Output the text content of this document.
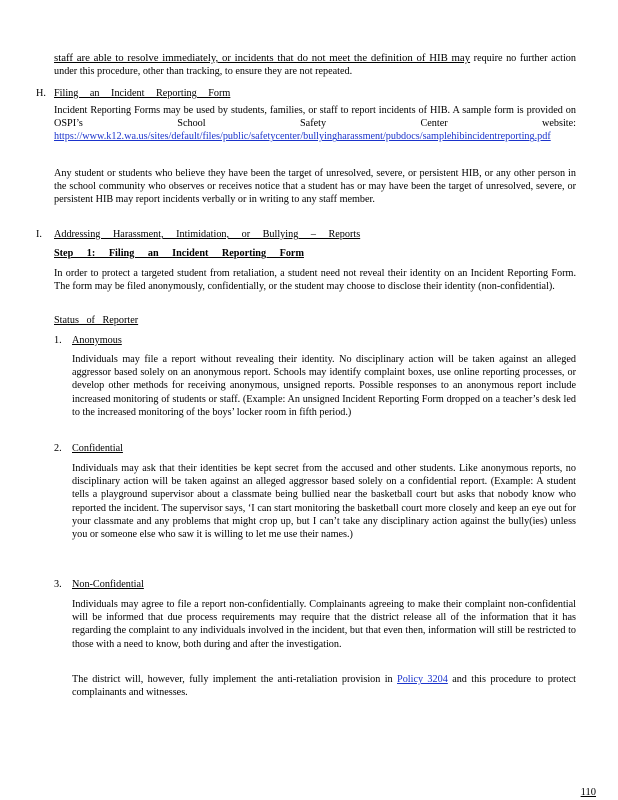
staff are able to resolve immediately, or incidents that do not meet the definition of HIB may require no further action under this procedure, other than tracking, to ensure they are not repeated.
H. Filing an Incident Reporting Form
Incident Reporting Forms may be used by students, families, or staff to report incidents of HIB. A sample form is provided on OSPI’s School Safety Center website: https://www.k12.wa.us/sites/default/files/public/safetycenter/bullyingharassment/pubdocs/samplehibincidentreporting.pdf
Any student or students who believe they have been the target of unresolved, severe, or persistent HIB, or any other person in the school community who observes or receives notice that a student has or may have been the target of unresolved, severe, or persistent HIB may report incidents verbally or in writing to any staff member.
I. Addressing Harassment, Intimidation, or Bullying – Reports
Step 1: Filing an Incident Reporting Form
In order to protect a targeted student from retaliation, a student need not reveal their identity on an Incident Reporting Form. The form may be filed anonymously, confidentially, or the student may choose to disclose their identity (non-confidential).
Status of Reporter
1. Anonymous
Individuals may file a report without revealing their identity. No disciplinary action will be taken against an alleged aggressor based solely on an anonymous report. Schools may identify complaint boxes, use online reporting processes, or develop other methods for receiving anonymous, unsigned reports. Possible responses to an anonymous report include increased monitoring of students or staff. (Example: An unsigned Incident Reporting Form dropped on a teacher’s desk led to the increased monitoring of the boys’ locker room in fifth period.)
2. Confidential
Individuals may ask that their identities be kept secret from the accused and other students. Like anonymous reports, no disciplinary action will be taken against an alleged aggressor based solely on a confidential report. (Example: A student tells a playground supervisor about a classmate being bullied near the basketball court but asks that nobody know who reported the incident. The supervisor says, ‘I can start monitoring the basketball court more closely and keep an eye out for your classmate and any problems that might crop up, but I can’t take any disciplinary action against the bully(ies) unless you or someone else who saw it is willing to let me use their names.)
3. Non-Confidential
Individuals may agree to file a report non-confidentially. Complainants agreeing to make their complaint non-confidential will be informed that due process requirements may require that the district release all of the information that it has regarding the complaint to any individuals involved in the incident, but that even then, information will still be restricted to those with a need to know, both during and after the investigation.
The district will, however, fully implement the anti-retaliation provision in Policy 3204 and this procedure to protect complainants and witnesses.
110
